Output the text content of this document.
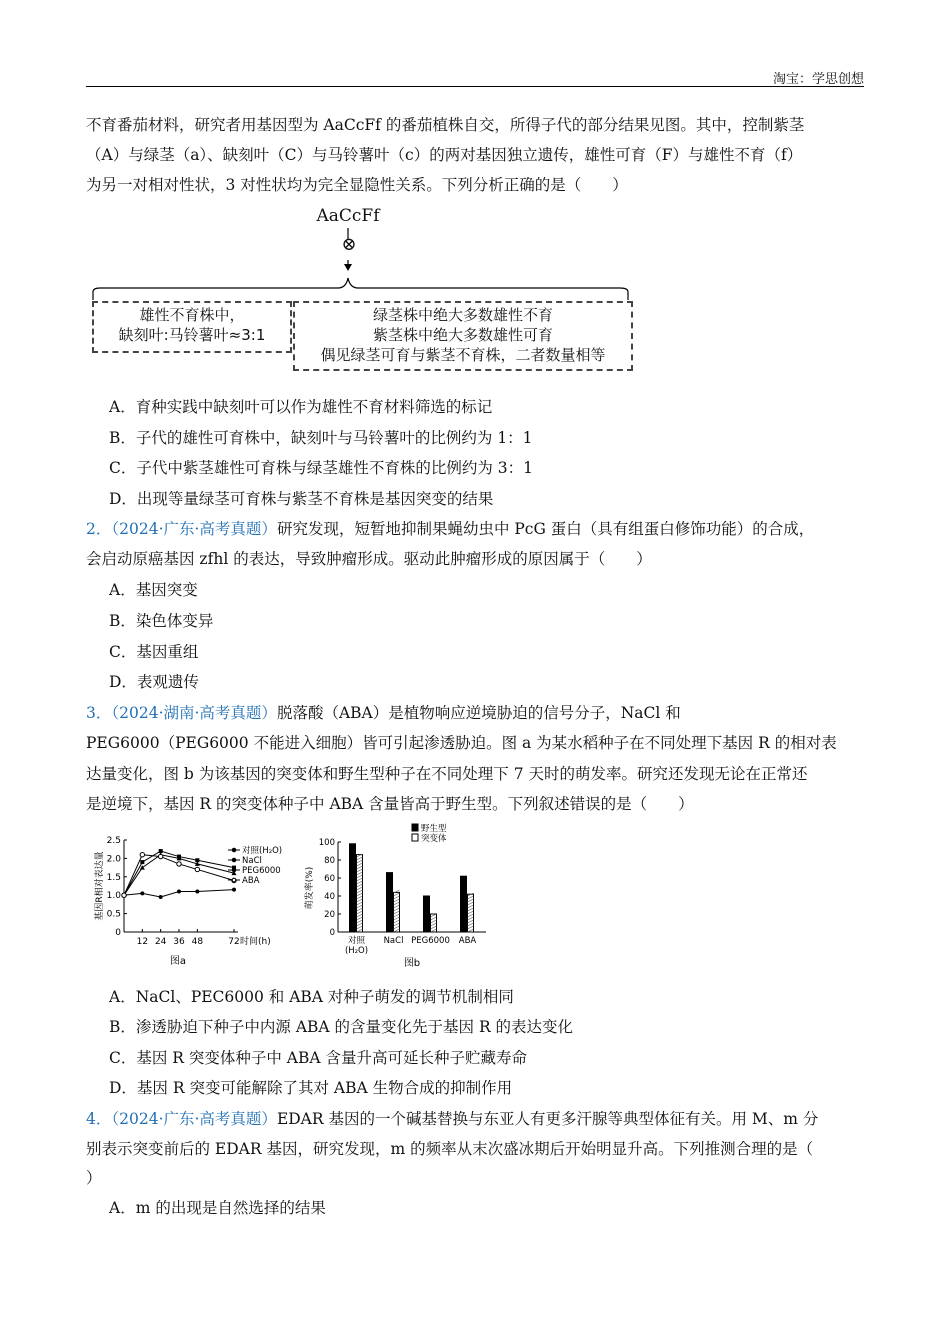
淘宝：学思创想
不育番茄材料，研究者用基因型为 AaCcFf 的番茄植株自交，所得子代的部分结果见图。其中，控制紫茎
（A）与绿茎（a）、缺刻叶（C）与马铃薯叶（c）的两对基因独立遗传，雄性可育（F）与雄性不育（f）
为另一对相对性状，3 对性状均为完全显隐性关系。下列分析正确的是（　　）
AaCcFf
⊗
雄性不育株中，
缺刻叶:马铃薯叶≈3:1
绿茎株中绝大多数雄性不育
紫茎株中绝大多数雄性可育
偶见绿茎可育与紫茎不育株，二者数量相等
A．育种实践中缺刻叶可以作为雄性不育材料筛选的标记
B．子代的雄性可育株中，缺刻叶与马铃薯叶的比例约为 1：1
C．子代中紫茎雄性可育株与绿茎雄性不育株的比例约为 3：1
D．出现等量绿茎可育株与紫茎不育株是基因突变的结果
2．（2024·广东·高考真题）研究发现，短暂地抑制果蝇幼虫中 PcG 蛋白（具有组蛋白修饰功能）的合成，
会启动原癌基因 zfhl 的表达，导致肿瘤形成。驱动此肿瘤形成的原因属于（　　）
A．基因突变
B．染色体变异
C．基因重组
D．表观遗传
3．（2024·湖南·高考真题）脱落酸（ABA）是植物响应逆境胁迫的信号分子，NaCl 和
PEG6000（PEG6000 不能进入细胞）皆可引起渗透胁迫。图 a 为某水稻种子在不同处理下基因 R 的相对表
达量变化，图 b 为该基因的突变体和野生型种子在不同处理下 7 天时的萌发率。研究还发现无论在正常还
是逆境下，基因 R 的突变体种子中 ABA 含量皆高于野生型。下列叙述错误的是（　　）
0
0.5
1.0
1.5
2.0
2.5
12 24 36 48	72 时间(h)
基因R相对表达量
图a
对照(H₂O)
NaCl
PEG6000
ABA
0
20
40
60
80
100
萌发率(%)
对照
(H₂O)
NaCl PEG6000 ABA
野生型
突变体
图b
A．NaCl、PEC6000 和 ABA 对种子萌发的调节机制相同
B．渗透胁迫下种子中内源 ABA 的含量变化先于基因 R 的表达变化
C．基因 R 突变体种子中 ABA 含量升高可延长种子贮藏寿命
D．基因 R 突变可能解除了其对 ABA 生物合成的抑制作用
4．（2024·广东·高考真题）EDAR 基因的一个碱基替换与东亚人有更多汗腺等典型体征有关。用 M、m 分
别表示突变前后的 EDAR 基因，研究发现，m 的频率从末次盛冰期后开始明显升高。下列推测合理的是（
）
A．m 的出现是自然选择的结果
